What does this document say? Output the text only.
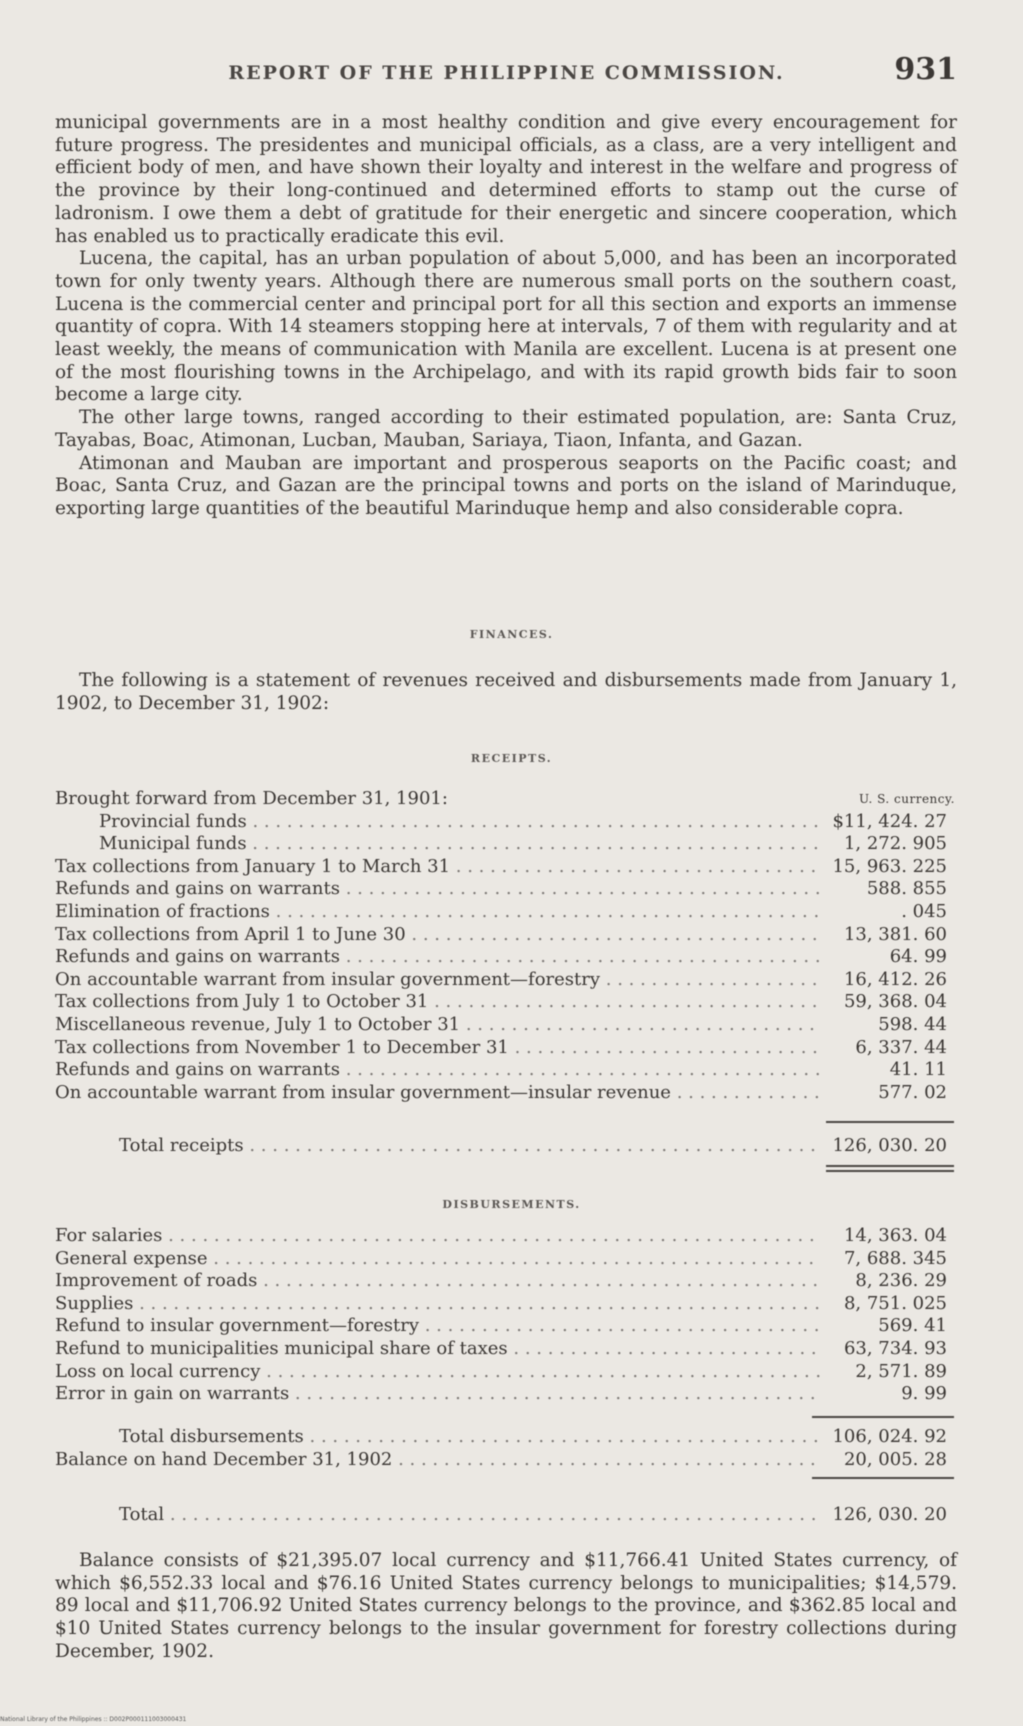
REPORT OF THE PHILIPPINE COMMISSION.	931

municipal governments are in a most healthy condition and give every encouragement for future progress. The presidentes and municipal officials, as a class, are a very intelligent and efficient body of men, and have shown their loyalty and interest in the welfare and progress of the province by their long-continued and determined efforts to stamp out the curse of ladronism. I owe them a debt of gratitude for their energetic and sincere cooperation, which has enabled us to practically eradicate this evil.

Lucena, the capital, has an urban population of about 5,000, and has been an incorporated town for only twenty years. Although there are numerous small ports on the southern coast, Lucena is the commercial center and principal port for all this section and exports an immense quantity of copra. With 14 steamers stopping here at intervals, 7 of them with regularity and at least weekly, the means of communication with Manila are excellent. Lucena is at present one of the most flourishing towns in the Archipelago, and with its rapid growth bids fair to soon become a large city.

The other large towns, ranged according to their estimated population, are: Santa Cruz, Tayabas, Boac, Atimonan, Lucban, Mauban, Sariaya, Tiaon, Infanta, and Gazan.

Atimonan and Mauban are important and prosperous seaports on the Pacific coast; and Boac, Santa Cruz, and Gazan are the principal towns and ports on the island of Marinduque, exporting large quantities of the beautiful Marinduque hemp and also considerable copra.

FINANCES.

The following is a statement of revenues received and disbursements made from January 1, 1902, to December 31, 1902:

RECEIPTS.
Brought forward from December 31, 1901:	U. S. currency.
Provincial funds . . .	$11, 424. 27
Municipal funds . . .	1, 272. 905
Tax collections from January 1 to March 31 . . .	15, 963. 225
Refunds and gains on warrants . . .	588. 855
Elimination of fractions . . .	. 045
Tax collections from April 1 to June 30 . . .	13, 381. 60
Refunds and gains on warrants . . .	64. 99
On accountable warrant from insular government—forestry . . .	16, 412. 26
Tax collections from July 1 to October 31 . . .	59, 368. 04
Miscellaneous revenue, July 1 to October 31 . . .	598. 44
Tax collections from November 1 to December 31 . . .	6, 337. 44
Refunds and gains on warrants . . .	41. 11
On accountable warrant from insular government—insular revenue . . .	577. 02
Total receipts . . .	126, 030. 20
DISBURSEMENTS.
For salaries . . .	14, 363. 04
General expense . . .	7, 688. 345
Improvement of roads . . .	8, 236. 29
Supplies . . .	8, 751. 025
Refund to insular government—forestry . . .	569. 41
Refund to municipalities municipal share of taxes . . .	63, 734. 93
Loss on local currency . . .	2, 571. 89
Error in gain on warrants . . .	9. 99
Total disbursements . . .	106, 024. 92
Balance on hand December 31, 1902 . . .	20, 005. 28
Total . . .	126, 030. 20

Balance consists of $21,395.07 local currency and $11,766.41 United States currency, of which $6,552.33 local and $76.16 United States currency belongs to municipalities; $14,579. 89 local and $11,706.92 United States currency belongs to the province, and $362.85 local and $10 United States currency belongs to the insular government for forestry collections during December, 1902.

National Library of the Philippines :: D002P000111003000431
